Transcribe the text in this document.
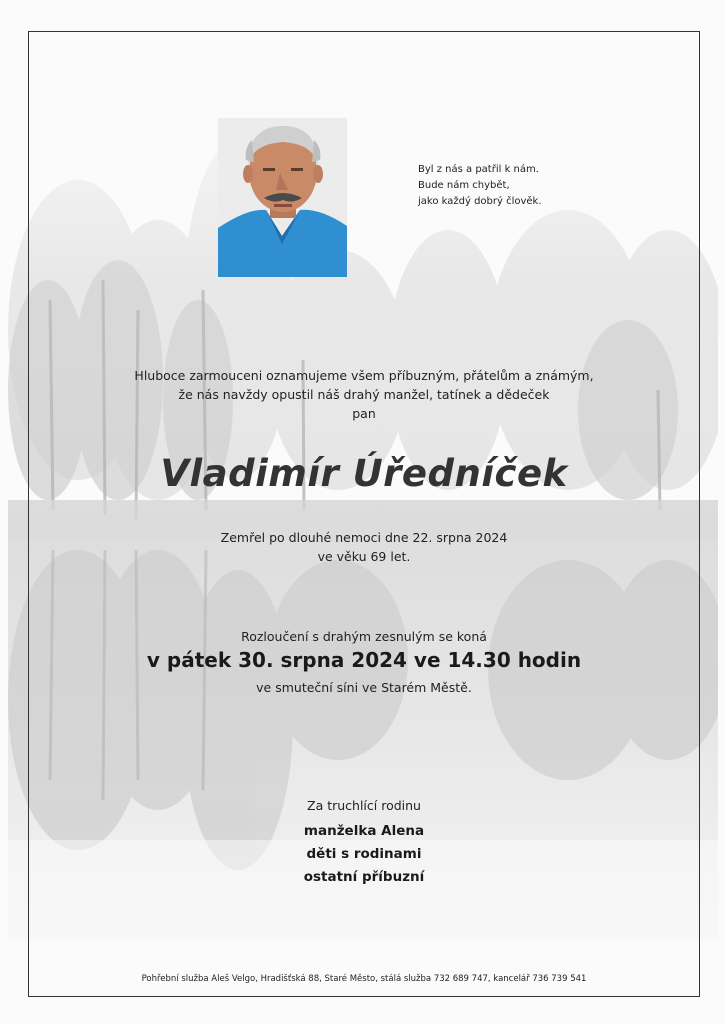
Byl z nás a patřil k nám.
Bude nám chybět,
jako každý dobrý člověk.
Hluboce zarmouceni oznamujeme všem příbuzným, přátelům a známým,
že nás navždy opustil náš drahý manžel, tatínek a dědeček
pan
Vladimír Úředníček
Zemřel po dlouhé nemoci dne 22. srpna 2024
ve věku 69 let.
Rozloučení s drahým zesnulým se koná
v pátek 30. srpna 2024 ve 14.30 hodin
ve smuteční síni ve Starém Městě.
Za truchlící rodinu
manželka Alena
děti s rodinami
ostatní příbuzní
Pohřební služba Aleš Velgo, Hradišťská 88, Staré Město, stálá služba 732 689 747, kancelář 736 739 541
